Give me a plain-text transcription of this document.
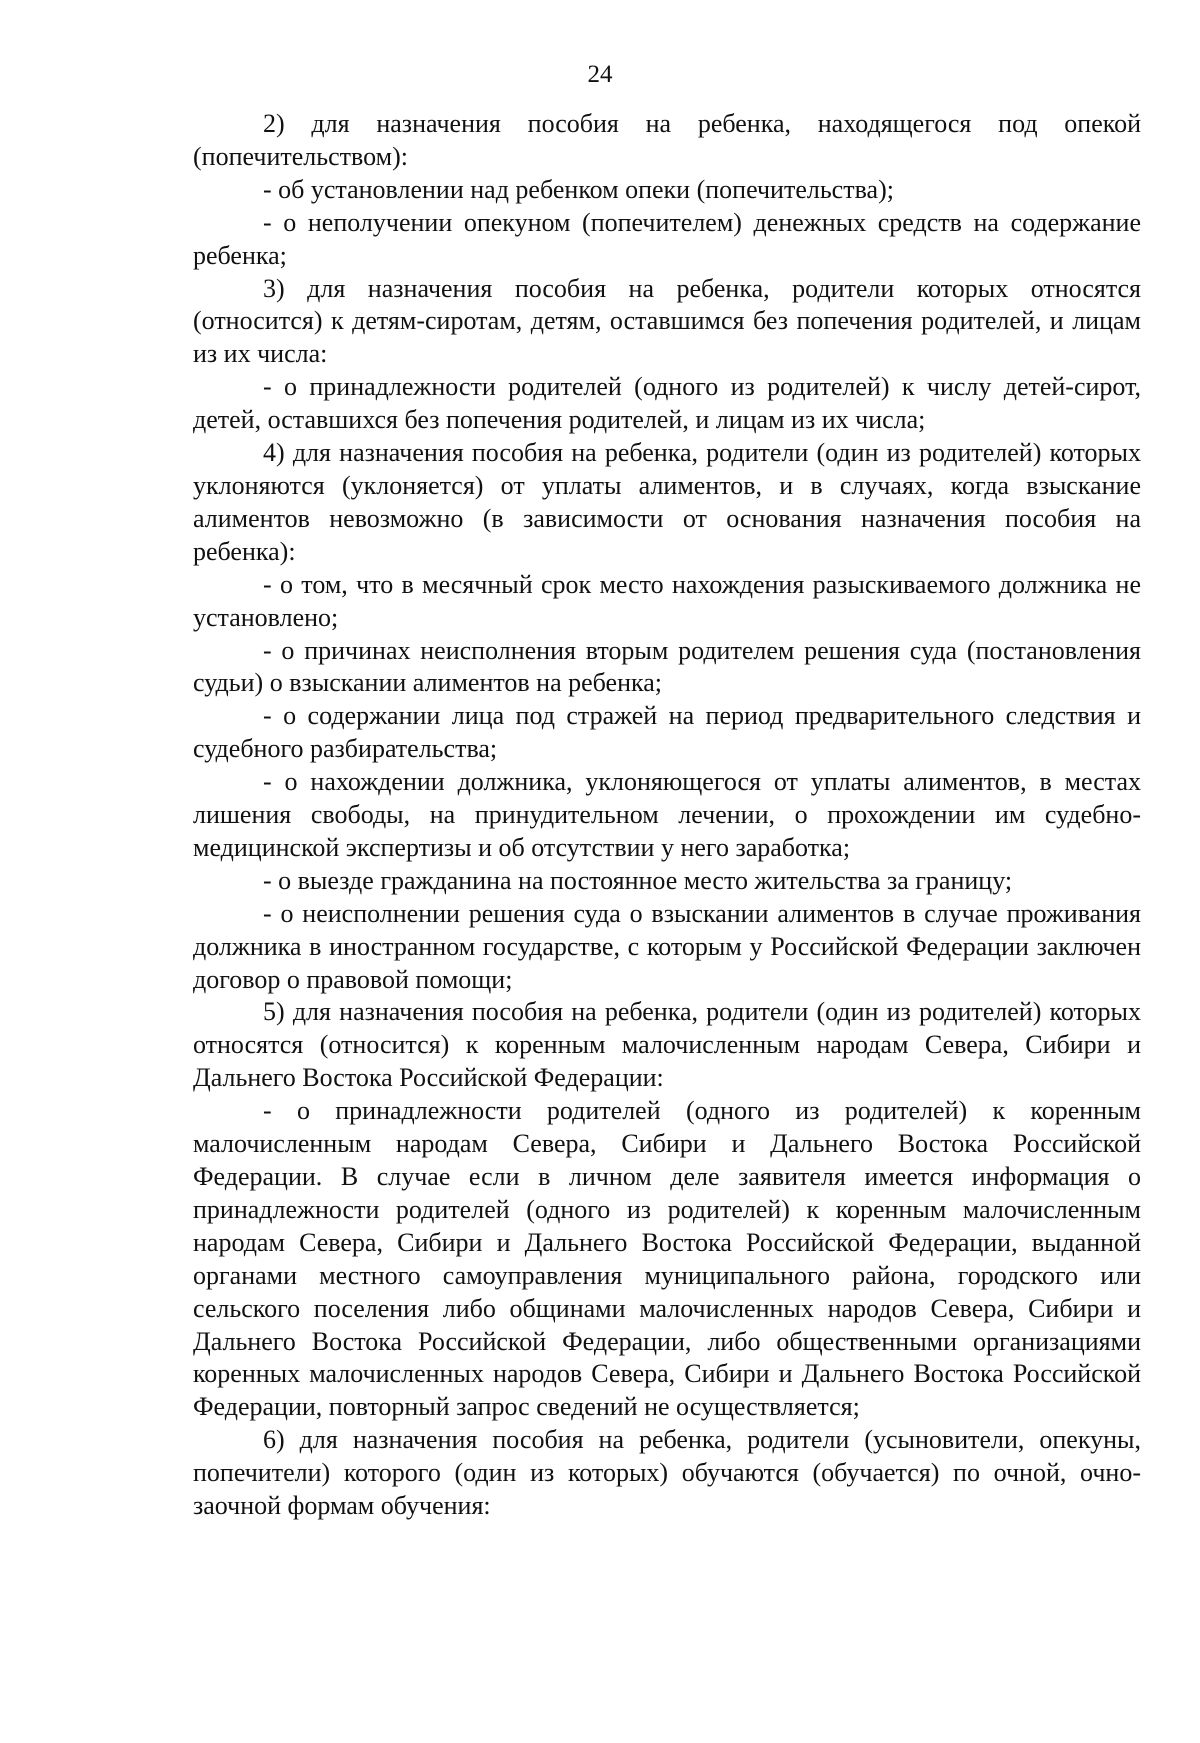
24

2) для назначения пособия на ребенка, находящегося под опекой (попечительством):

- об установлении над ребенком опеки (попечительства);

- о неполучении опекуном (попечителем) денежных средств на содержание ребенка;

3) для назначения пособия на ребенка, родители которых относятся (относится) к детям-сиротам, детям, оставшимся без попечения родителей, и лицам из их числа:

- о принадлежности родителей (одного из родителей) к числу детей-сирот, детей, оставшихся без попечения родителей, и лицам из их числа;

4) для назначения пособия на ребенка, родители (один из родителей) которых уклоняются (уклоняется) от уплаты алиментов, и в случаях, когда взыскание алиментов невозможно (в зависимости от основания назначения пособия на ребенка):

- о том, что в месячный срок место нахождения разыскиваемого должника не установлено;

- о причинах неисполнения вторым родителем решения суда (постановления судьи) о взыскании алиментов на ребенка;

- о содержании лица под стражей на период предварительного следствия и судебного разбирательства;

- о нахождении должника, уклоняющегося от уплаты алиментов, в местах лишения свободы, на принудительном лечении, о прохождении им судебно-медицинской экспертизы и об отсутствии у него заработка;

- о выезде гражданина на постоянное место жительства за границу;

- о неисполнении решения суда о взыскании алиментов в случае проживания должника в иностранном государстве, с которым у Российской Федерации заключен договор о правовой помощи;

5) для назначения пособия на ребенка, родители (один из родителей) которых относятся (относится) к коренным малочисленным народам Севера, Сибири и Дальнего Востока Российской Федерации:

- о принадлежности родителей (одного из родителей) к коренным малочисленным народам Севера, Сибири и Дальнего Востока Российской Федерации. В случае если в личном деле заявителя имеется информация о принадлежности родителей (одного из родителей) к коренным малочисленным народам Севера, Сибири и Дальнего Востока Российской Федерации, выданной органами местного самоуправления муниципального района, городского или сельского поселения либо общинами малочисленных народов Севера, Сибири и Дальнего Востока Российской Федерации, либо общественными организациями коренных малочисленных народов Севера, Сибири и Дальнего Востока Российской Федерации, повторный запрос сведений не осуществляется;

6) для назначения пособия на ребенка, родители (усыновители, опекуны, попечители) которого (один из которых) обучаются (обучается) по очной, очно-заочной формам обучения:
